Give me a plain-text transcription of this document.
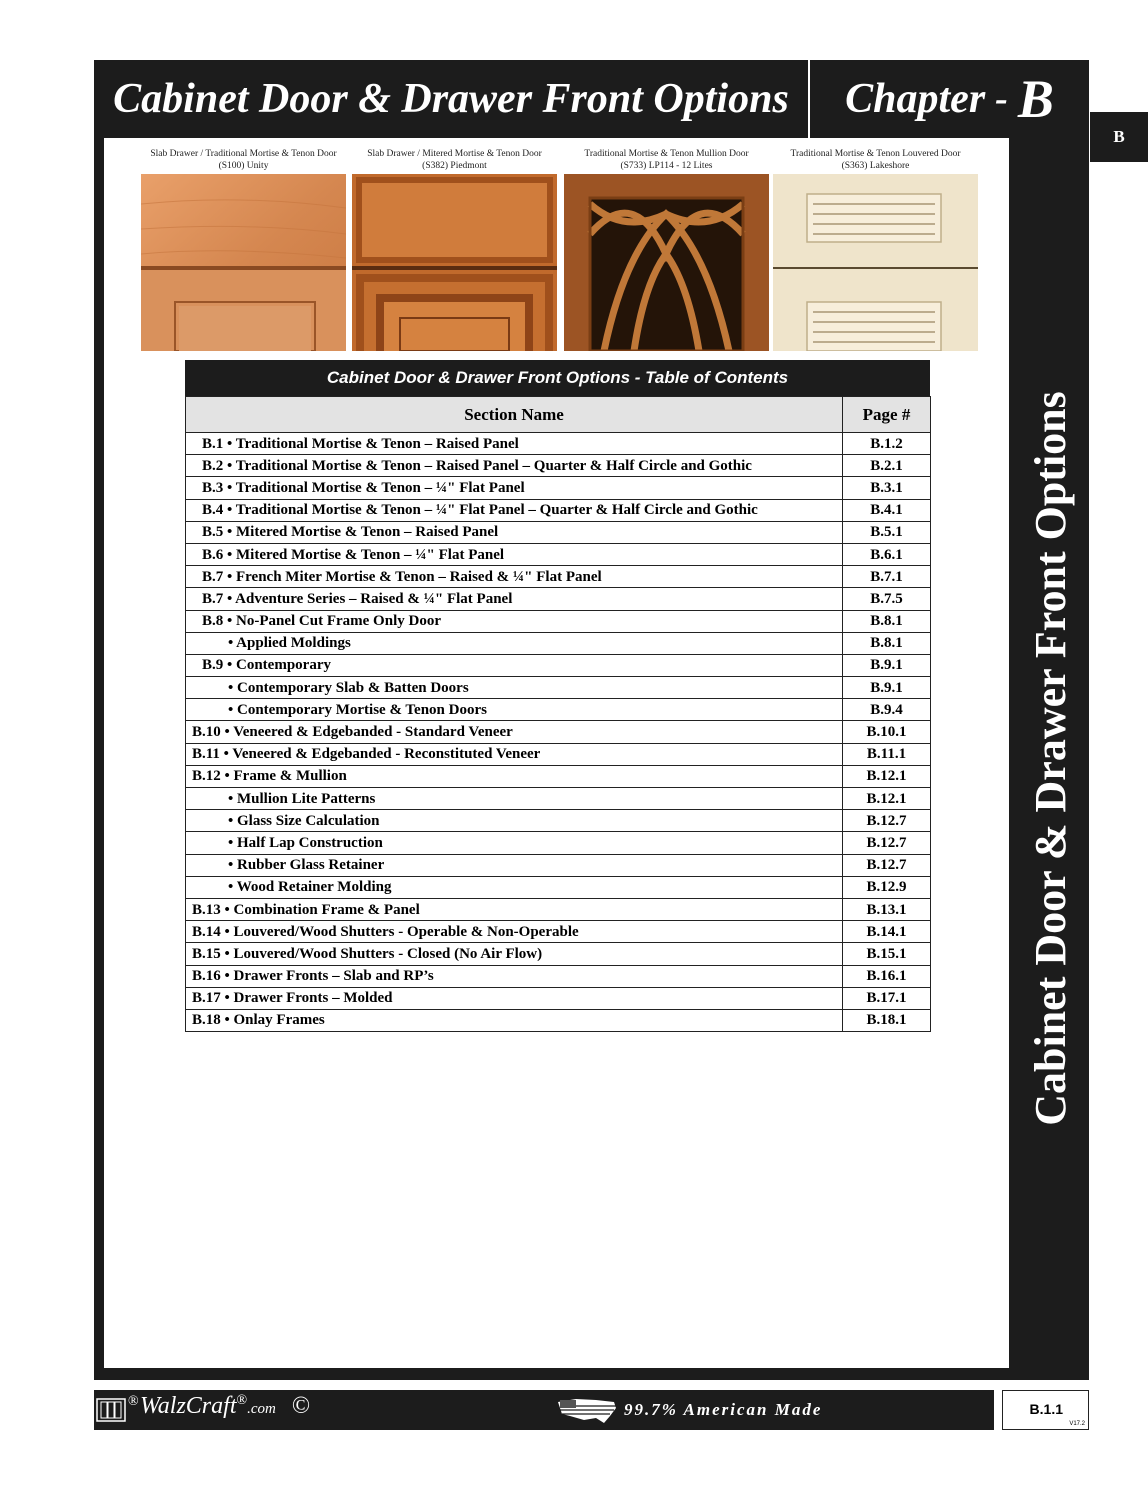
Cabinet Door & Drawer Front Options Chapter - B
B
Cabinet Door & Drawer Front Options
Slab Drawer / Traditional Mortise & Tenon Door
(S100) Unity
Slab Drawer / Mitered Mortise & Tenon Door
(S382) Piedmont
Traditional Mortise & Tenon Mullion Door
(S733) LP114 - 12 Lites
Traditional Mortise & Tenon Louvered Door
(S363) Lakeshore
Cabinet Door & Drawer Front Options - Table of Contents
Section Name	Page #
B.1 • Traditional Mortise & Tenon – Raised Panel	B.1.2
B.2 • Traditional Mortise & Tenon – Raised Panel – Quarter & Half Circle and Gothic	B.2.1
B.3 • Traditional Mortise & Tenon – ¼" Flat Panel	B.3.1
B.4 • Traditional Mortise & Tenon – ¼" Flat Panel – Quarter & Half Circle and Gothic	B.4.1
B.5 • Mitered Mortise & Tenon – Raised Panel	B.5.1
B.6 • Mitered Mortise & Tenon – ¼" Flat Panel	B.6.1
B.7 • French Miter Mortise & Tenon – Raised & ¼" Flat Panel	B.7.1
B.7 • Adventure Series – Raised & ¼" Flat Panel	B.7.5
B.8 • No-Panel Cut Frame Only Door	B.8.1
• Applied Moldings	B.8.1
B.9 • Contemporary	B.9.1
• Contemporary Slab & Batten Doors	B.9.1
• Contemporary Mortise & Tenon Doors	B.9.4
B.10 • Veneered & Edgebanded - Standard Veneer	B.10.1
B.11 • Veneered & Edgebanded - Reconstituted Veneer	B.11.1
B.12 • Frame & Mullion	B.12.1
• Mullion Lite Patterns	B.12.1
• Glass Size Calculation	B.12.7
• Half Lap Construction	B.12.7
• Rubber Glass Retainer	B.12.7
• Wood Retainer Molding	B.12.9
B.13 • Combination Frame & Panel	B.13.1
B.14 • Louvered/Wood Shutters - Operable & Non-Operable	B.14.1
B.15 • Louvered/Wood Shutters - Closed (No Air Flow)	B.15.1
B.16 • Drawer Fronts – Slab and RP’s	B.16.1
B.17 • Drawer Fronts – Molded	B.17.1
B.18 • Onlay Frames	B.18.1
® WalzCraft®.com ©	99.7% American Made	B.1.1
V17.2
